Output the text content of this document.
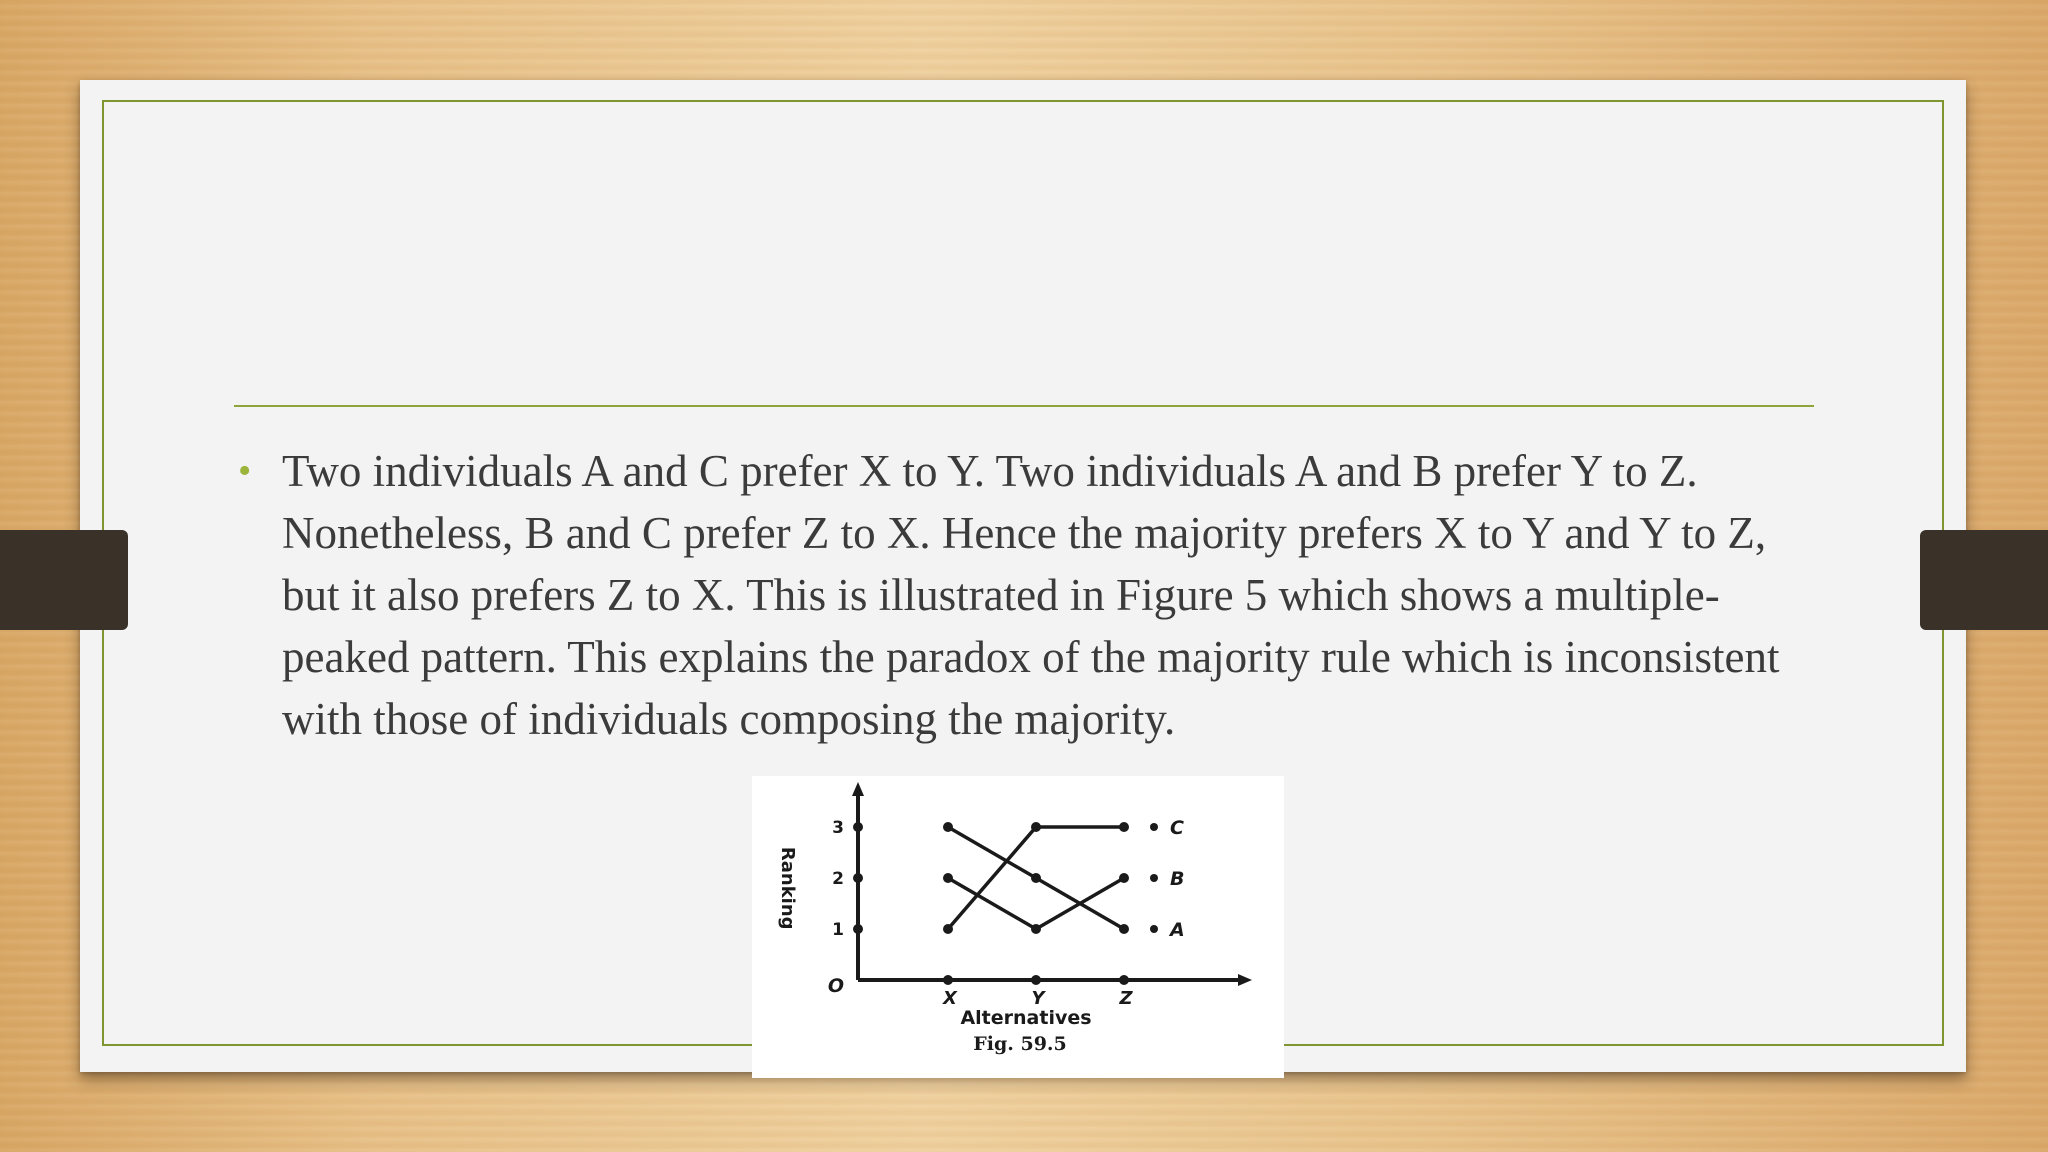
• Two individuals A and C prefer X to Y. Two individuals A and B prefer Y to Z. Nonetheless, B and C prefer Z to X. Hence the majority prefers X to Y and Y to Z, but it also prefers Z to X. This is illustrated in Figure 5 which shows a multiple-peaked pattern. This explains the paradox of the majority rule which is inconsistent with those of individuals composing the majority.
1
2
3
X	Y	Z
O
Ranking
Alternatives
Fig. 59.5
A
B
C
